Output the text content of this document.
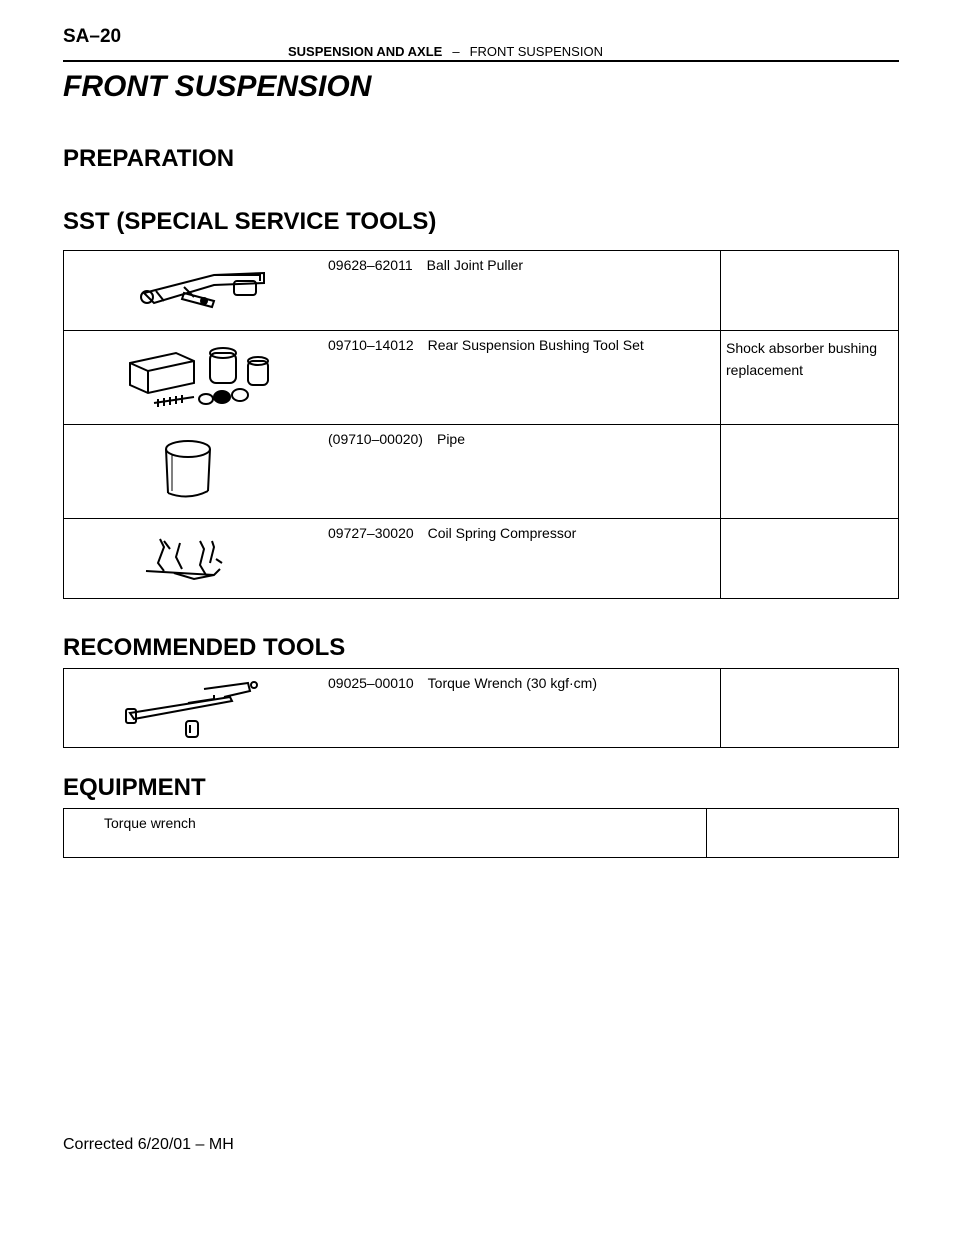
SA–20
SUSPENSION AND AXLE – FRONT SUSPENSION
FRONT SUSPENSION
PREPARATION
SST (SPECIAL SERVICE TOOLS)
	09628–62011 Ball Joint Puller	

	09710–14012 Rear Suspension Bushing Tool Set	Shock absorber bushing replacement

	(09710–00020) Pipe	

	09727–30020 Coil Spring Compressor	
RECOMMENDED TOOLS
	09025–00010 Torque Wrench (30 kgf·cm)	
EQUIPMENT
Torque wrench	
Corrected 6/20/01 – MH
